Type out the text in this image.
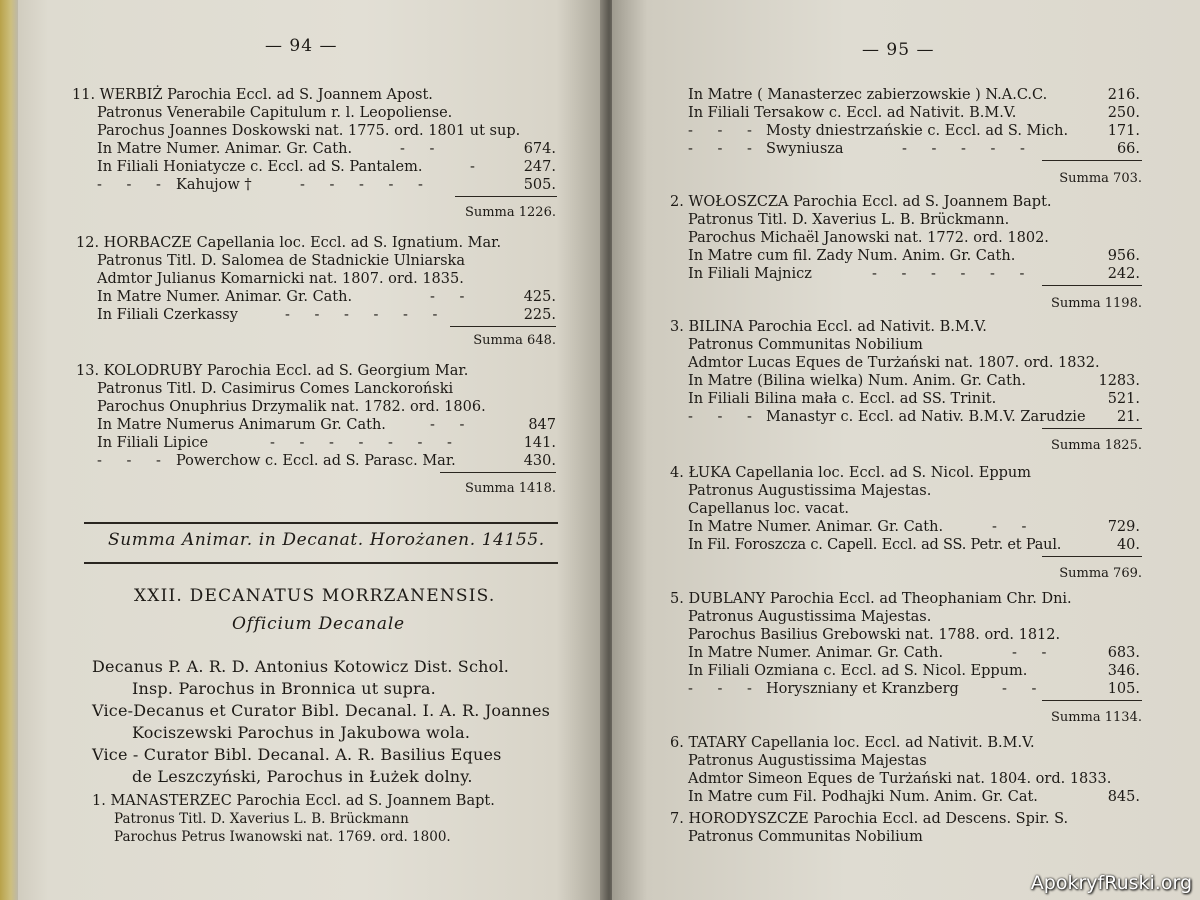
— 94 —
11. WERBIŻ Parochia Eccl. ad S. Joannem Apost.
Patronus Venerabile Capitulum r. l. Leopoliense.
Parochus Joannes Doskowski nat. 1775. ord. 1801 ut sup.
In Matre Numer. Animar. Gr. Cath.	- -	674.
In Filiali Honiatycze c. Eccl. ad S. Pantalem.	-	247.
- - - Kahujow †	- - - - -	505.
Summa 1226.
12. HORBACZE Capellania loc. Eccl. ad S. Ignatium. Mar.
Patronus Titl. D. Salomea de Stadnickie Ulniarska
Admtor Julianus Komarnicki nat. 1807. ord. 1835.
In Matre Numer. Animar. Gr. Cath.	- -	425.
In Filiali Czerkassy	- - - - - -	225.
Summa 648.
13. KOLODRUBY Parochia Eccl. ad S. Georgium Mar.
Patronus Titl. D. Casimirus Comes Lanckoroński
Parochus Onuphrius Drzymalik nat. 1782. ord. 1806.
In Matre Numerus Animarum Gr. Cath.	- -	847
In Filiali Lipice	- - - - - - -	141.
- - - Powerchow c. Eccl. ad S. Parasc. Mar.	430.
Summa 1418.
Summa Animar. in Decanat. Horożanen. 14155.
XXII. DECANATUS MORRZANENSIS.
Officium Decanale
Decanus P. A. R. D. Antonius Kotowicz Dist. Schol.
Insp. Parochus in Bronnica ut supra.
Vice-Decanus et Curator Bibl. Decanal. I. A. R. Joannes
Kociszewski Parochus in Jakubowa wola.
Vice - Curator Bibl. Decanal. A. R. Basilius Eques
de Leszczyński, Parochus in Łużek dolny.
1. MANASTERZEC Parochia Eccl. ad S. Joannem Bapt.
Patronus Titl. D. Xaverius L. B. Brückmann
Parochus Petrus Iwanowski nat. 1769. ord. 1800.
— 95 —
In Matre ( Manasterzec zabierzowskie ) N.A.C.C.	216.
In Filiali Tersakow c. Eccl. ad Nativit. B.M.V.	250.
- - - Mosty dniestrzańskie c. Eccl. ad S. Mich.	171.
- - - Swyniusza	- - - - -	66.
Summa 703.
2. WOŁOSZCZA Parochia Eccl. ad S. Joannem Bapt.
Patronus Titl. D. Xaverius L. B. Brückmann.
Parochus Michaël Janowski nat. 1772. ord. 1802.
In Matre cum fil. Zady Num. Anim. Gr. Cath.	956.
In Filiali Majnicz	- - - - - -	242.
Summa 1198.
3. BILINA Parochia Eccl. ad Nativit. B.M.V.
Patronus Communitas Nobilium
Admtor Lucas Eques de Turżański nat. 1807. ord. 1832.
In Matre (Bilina wielka) Num. Anim. Gr. Cath.	1283.
In Filiali Bilina mała c. Eccl. ad SS. Trinit.	521.
- - - Manastyr c. Eccl. ad Nativ. B.M.V. Zarudzie	21.
Summa 1825.
4. ŁUKA Capellania loc. Eccl. ad S. Nicol. Eppum
Patronus Augustissima Majestas.
Capellanus loc. vacat.
In Matre Numer. Animar. Gr. Cath.	- -	729.
In Fil. Foroszcza c. Capell. Eccl. ad SS. Petr. et Paul.	40.
Summa 769.
5. DUBLANY Parochia Eccl. ad Theophaniam Chr. Dni.
Patronus Augustissima Majestas.
Parochus Basilius Grebowski nat. 1788. ord. 1812.
In Matre Numer. Animar. Gr. Cath.	- -	683.
In Filiali Ozmiana c. Eccl. ad S. Nicol. Eppum.	346.
- - - Horyszniany et Kranzberg	- -	105.
Summa 1134.
6. TATARY Capellania loc. Eccl. ad Nativit. B.M.V.
Patronus Augustissima Majestas
Admtor Simeon Eques de Turżański nat. 1804. ord. 1833.
In Matre cum Fil. Podhajki Num. Anim. Gr. Cat.	845.
7. HORODYSZCZE Parochia Eccl. ad Descens. Spir. S.
Patronus Communitas Nobilium
ApokryfRuski.org
